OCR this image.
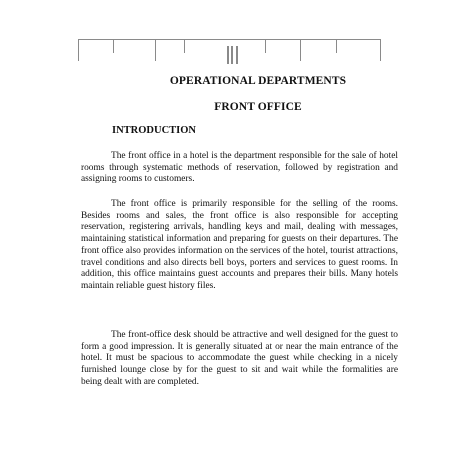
OPERATIONAL DEPARTMENTS
FRONT OFFICE
INTRODUCTION

The front office in a hotel is the department responsible for the sale of hotel rooms through systematic methods of reservation, followed by registration and assigning rooms to customers.

The front office is primarily responsible for the selling of the rooms. Besides rooms and sales, the front office is also responsible for accepting reservation, registering arrivals, handling keys and mail, dealing with messages, maintaining statistical information and preparing for guests on their departures. The front office also provides information on the services of the hotel, tourist attractions, travel conditions and also directs bell boys, porters and services to guest rooms. In addition, this office maintains guest accounts and prepares their bills. Many hotels maintain reliable guest history files.

The front-office desk should be attractive and well designed for the guest to form a good impression. It is generally situated at or near the main entrance of the hotel. It must be spacious to accommodate the guest while checking in a nicely furnished lounge close by for the guest to sit and wait while the formalities are being dealt with are completed.
